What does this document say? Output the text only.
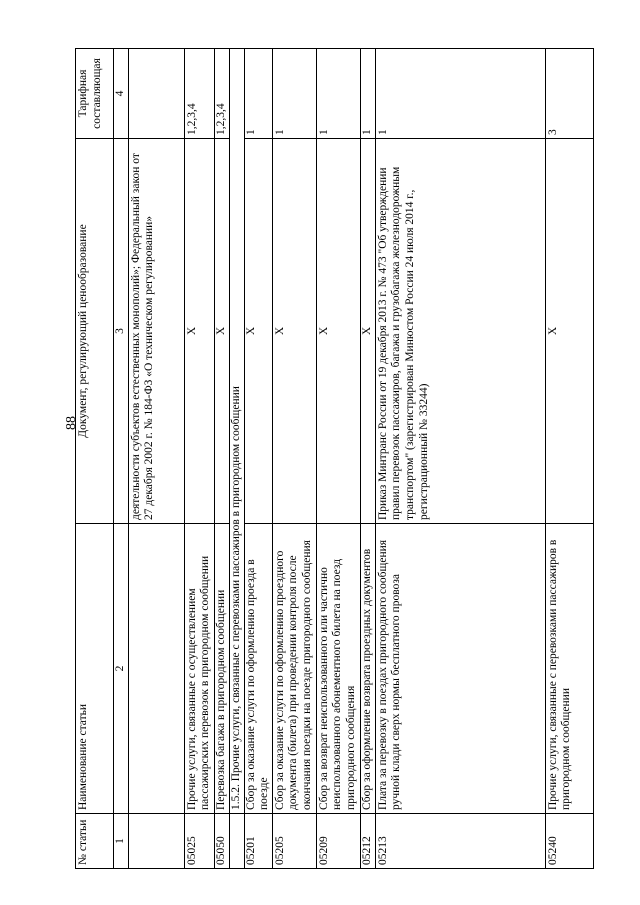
88
№ статьи	Наименование статьи	Документ, регулирующий ценообразование	Тарифная составляющая
1	2	3	4
		деятельности субъектов естественных монополий»; Федеральный закон от 27 декабря 2002 г. № 184-ФЗ «О техническом регулировании»	
05025	Прочие услуги, связанные с осуществлением пассажирских перевозок в пригородном сообщении	X	1,2,3,4
05050	Перевозка багажа в пригородном сообщении	X	1,2,3,4
	1.5.2. Прочие услуги, связанные с перевозками пассажиров в пригородном сообщении		
05201	Сбор за оказание услуги по оформлению проезда в поезде	X	1
05205	Сбор за оказание услуги по оформлению проездного документа (билета) при проведении контроля после окончания поездки на поезде пригородного сообщения	X	1
05209	Сбор за возврат неиспользованного или частично неиспользованного абонементного билета на поезд пригородного сообщения	X	1
05212	Сбор за оформление возврата проездных документов	X	1
05213	Плата за перевозку в поездах пригородного сообщения ручной клади сверх нормы бесплатного провоза	Приказ Минтранс России от 19 декабря 2013 г. № 473 "Об утверждении правил перевозок пассажиров, багажа и грузобагажа железнодорожным транспортом" (зарегистрирован Минюстом России 24 июля 2014 г., регистрационный № 33244)	1
05240	Прочие услуги, связанные с перевозками пассажиров в пригородном сообщении	X	3
